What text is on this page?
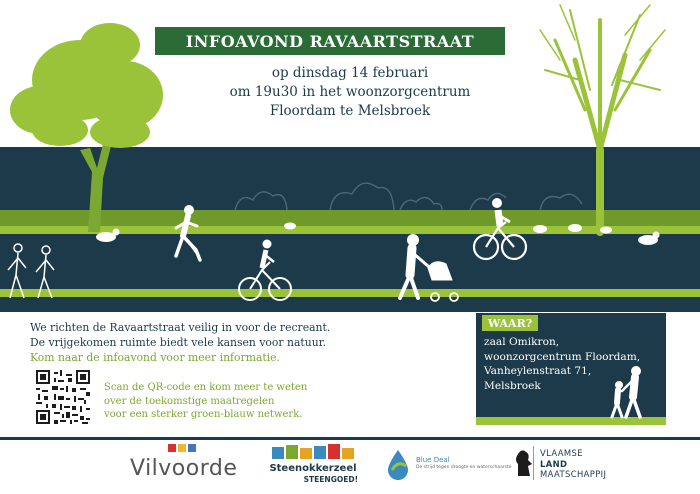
INFOAVOND RAVAARTSTRAAT
op dinsdag 14 februari
om 19u30 in het woonzorgcentrum
Floordam te Melsbroek
We richten de Ravaartstraat veilig in voor de recreant.
De vrijgekomen ruimte biedt vele kansen voor natuur.
Kom naar de infoavond voor meer informatie.
Scan de QR-code en kom meer te weten
over de toekomstige maatregelen
voor een sterker groen-blauw netwerk.
WAAR?
zaal Omikron,
woonzorgcentrum Floordam,
Vanheylenstraat 71,
Melsbroek
Vilvoorde	Steenokkerzeel
STEENGOED!
Blue Deal
De strijd tegen droogte en waterschaarste
VLAAMSE
LAND
MAATSCHAPPIJ
